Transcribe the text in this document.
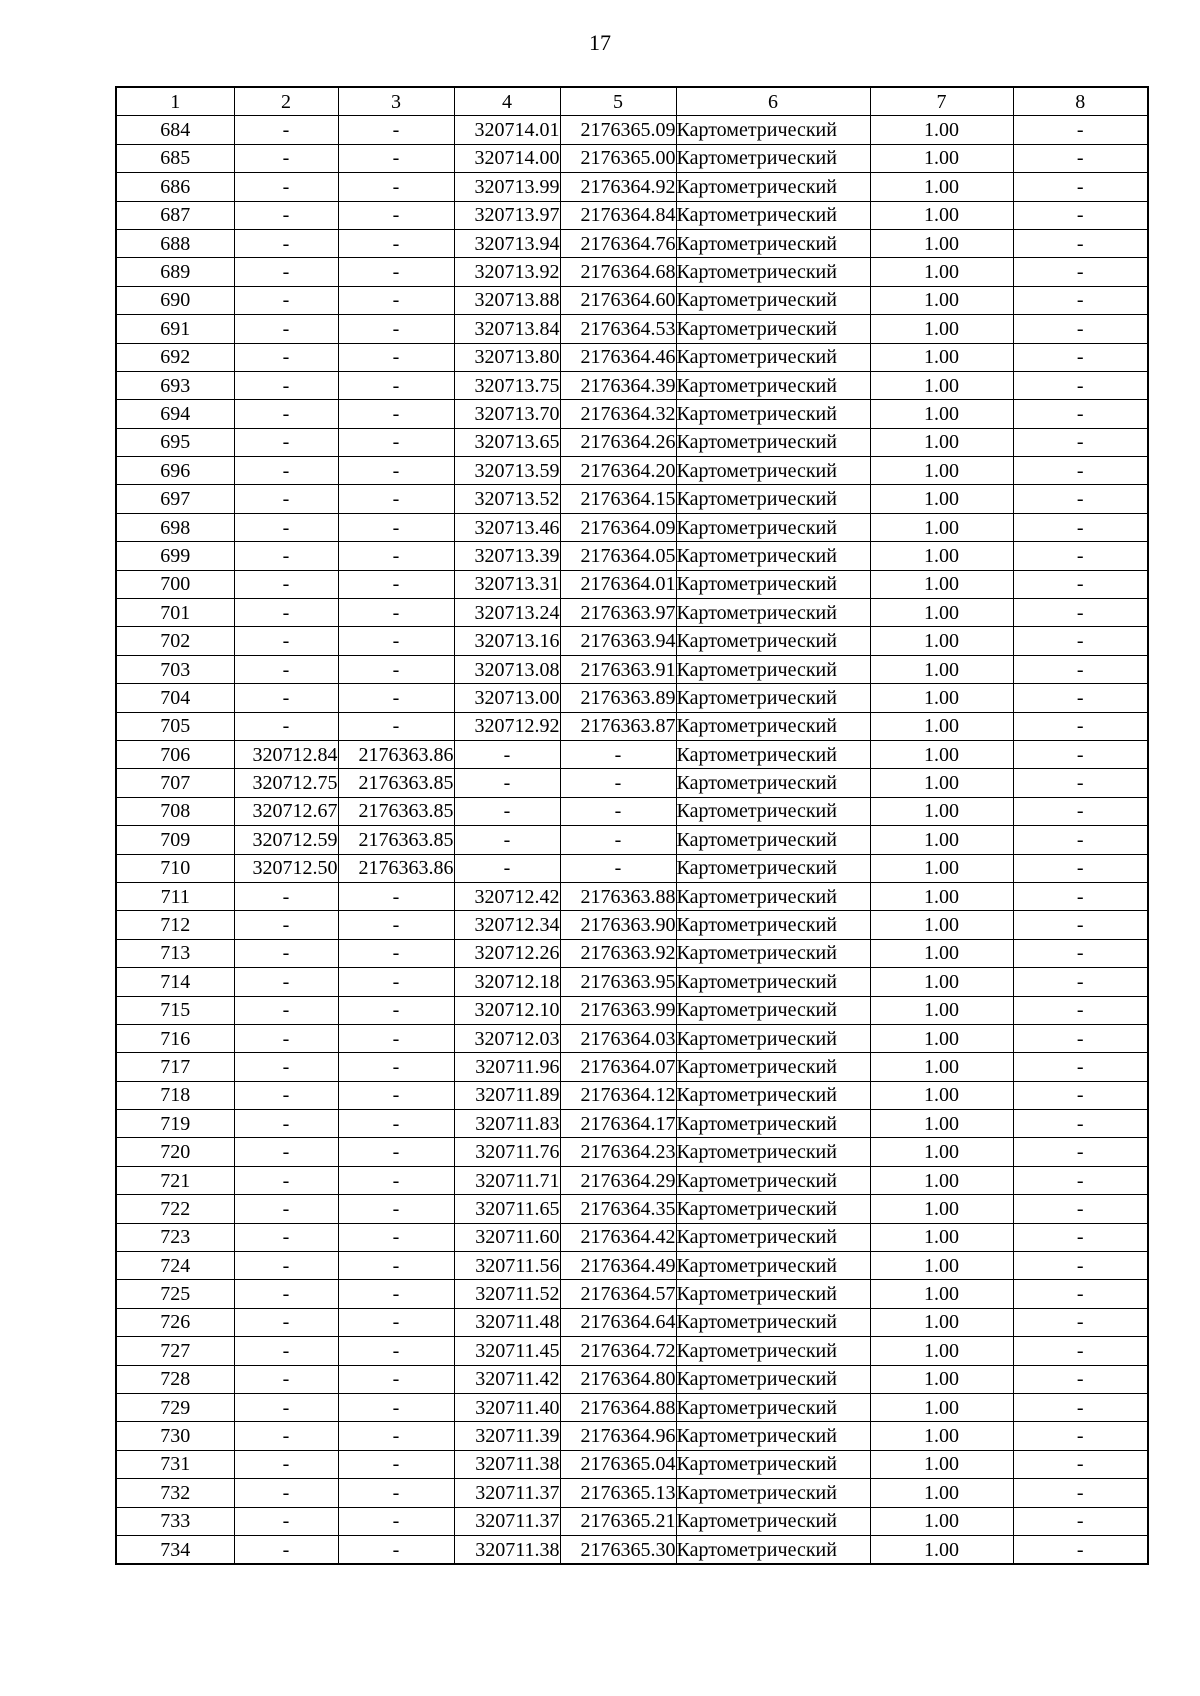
17
1	2	3	4	5	6	7	8
684	-	-	320714.01	2176365.09	Картометрический	1.00	-
685	-	-	320714.00	2176365.00	Картометрический	1.00	-
686	-	-	320713.99	2176364.92	Картометрический	1.00	-
687	-	-	320713.97	2176364.84	Картометрический	1.00	-
688	-	-	320713.94	2176364.76	Картометрический	1.00	-
689	-	-	320713.92	2176364.68	Картометрический	1.00	-
690	-	-	320713.88	2176364.60	Картометрический	1.00	-
691	-	-	320713.84	2176364.53	Картометрический	1.00	-
692	-	-	320713.80	2176364.46	Картометрический	1.00	-
693	-	-	320713.75	2176364.39	Картометрический	1.00	-
694	-	-	320713.70	2176364.32	Картометрический	1.00	-
695	-	-	320713.65	2176364.26	Картометрический	1.00	-
696	-	-	320713.59	2176364.20	Картометрический	1.00	-
697	-	-	320713.52	2176364.15	Картометрический	1.00	-
698	-	-	320713.46	2176364.09	Картометрический	1.00	-
699	-	-	320713.39	2176364.05	Картометрический	1.00	-
700	-	-	320713.31	2176364.01	Картометрический	1.00	-
701	-	-	320713.24	2176363.97	Картометрический	1.00	-
702	-	-	320713.16	2176363.94	Картометрический	1.00	-
703	-	-	320713.08	2176363.91	Картометрический	1.00	-
704	-	-	320713.00	2176363.89	Картометрический	1.00	-
705	-	-	320712.92	2176363.87	Картометрический	1.00	-
706	320712.84	2176363.86	-	-	Картометрический	1.00	-
707	320712.75	2176363.85	-	-	Картометрический	1.00	-
708	320712.67	2176363.85	-	-	Картометрический	1.00	-
709	320712.59	2176363.85	-	-	Картометрический	1.00	-
710	320712.50	2176363.86	-	-	Картометрический	1.00	-
711	-	-	320712.42	2176363.88	Картометрический	1.00	-
712	-	-	320712.34	2176363.90	Картометрический	1.00	-
713	-	-	320712.26	2176363.92	Картометрический	1.00	-
714	-	-	320712.18	2176363.95	Картометрический	1.00	-
715	-	-	320712.10	2176363.99	Картометрический	1.00	-
716	-	-	320712.03	2176364.03	Картометрический	1.00	-
717	-	-	320711.96	2176364.07	Картометрический	1.00	-
718	-	-	320711.89	2176364.12	Картометрический	1.00	-
719	-	-	320711.83	2176364.17	Картометрический	1.00	-
720	-	-	320711.76	2176364.23	Картометрический	1.00	-
721	-	-	320711.71	2176364.29	Картометрический	1.00	-
722	-	-	320711.65	2176364.35	Картометрический	1.00	-
723	-	-	320711.60	2176364.42	Картометрический	1.00	-
724	-	-	320711.56	2176364.49	Картометрический	1.00	-
725	-	-	320711.52	2176364.57	Картометрический	1.00	-
726	-	-	320711.48	2176364.64	Картометрический	1.00	-
727	-	-	320711.45	2176364.72	Картометрический	1.00	-
728	-	-	320711.42	2176364.80	Картометрический	1.00	-
729	-	-	320711.40	2176364.88	Картометрический	1.00	-
730	-	-	320711.39	2176364.96	Картометрический	1.00	-
731	-	-	320711.38	2176365.04	Картометрический	1.00	-
732	-	-	320711.37	2176365.13	Картометрический	1.00	-
733	-	-	320711.37	2176365.21	Картометрический	1.00	-
734	-	-	320711.38	2176365.30	Картометрический	1.00	-
